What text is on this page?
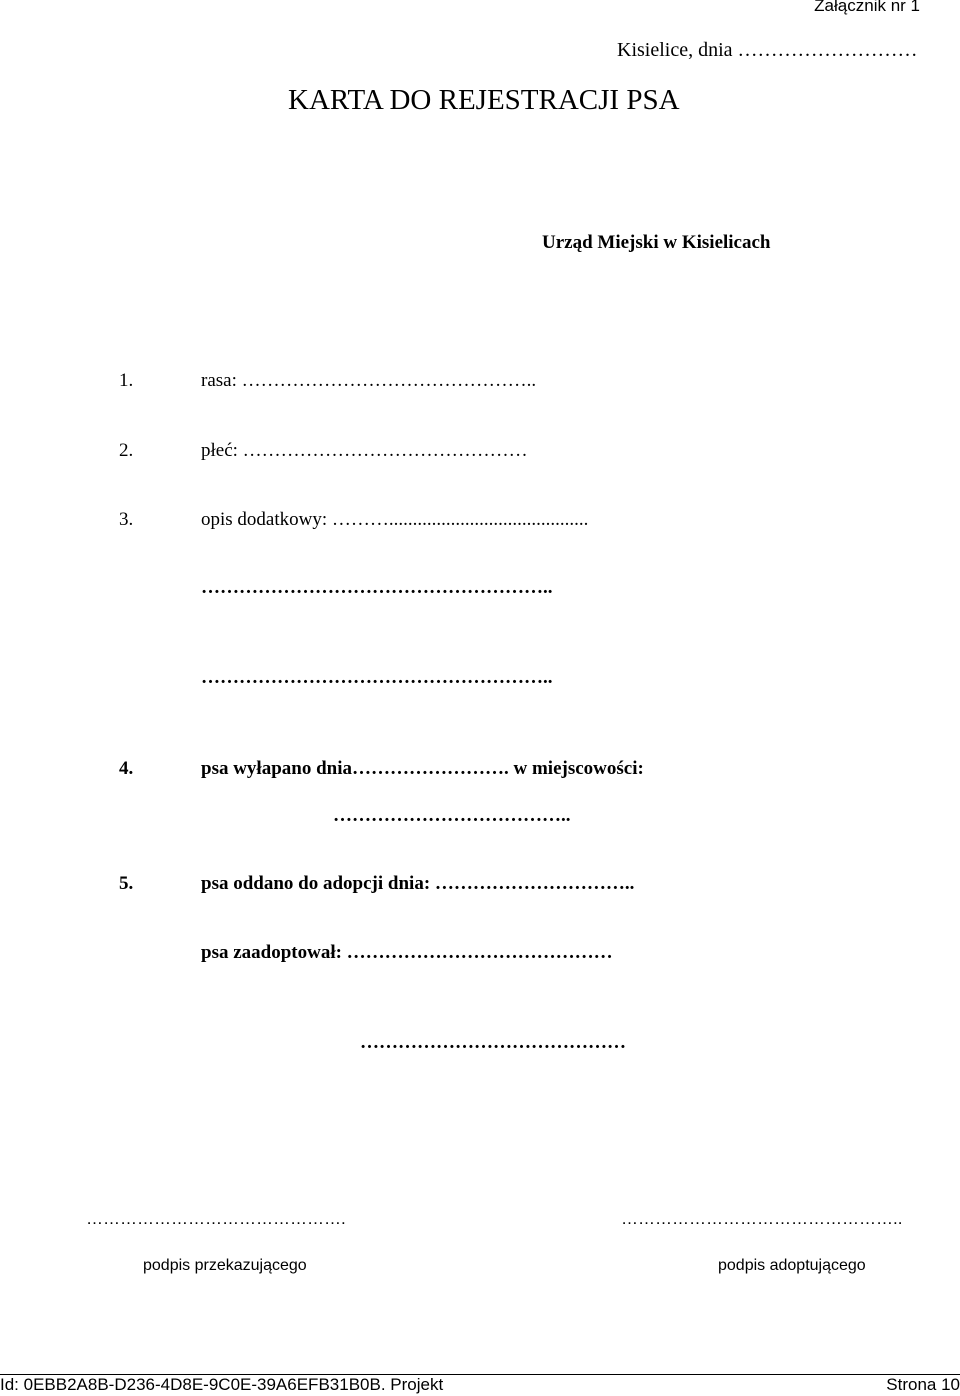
Załącznik nr 1
Kisielice, dnia ………………………
KARTA DO REJESTRACJI PSA
Urząd Miejski w Kisielicach
1.	rasa: ………………………………………..
2.	płeć: ………………………………………
3.	opis dodatkowy: ………..........................................
………………………………………………..
………………………………………………..
4.	psa wyłapano dnia……………………. w miejscowości:
………………………………..
5.	psa oddano do adopcji dnia: …………………………..
psa zaadoptował: ……………………………………
……………………………………
……………………………………….
podpis przekazującego
…………………………………………..
podpis adoptującego
Id: 0EBB2A8B-D236-4D8E-9C0E-39A6EFB31B0B. Projekt	Strona 10
